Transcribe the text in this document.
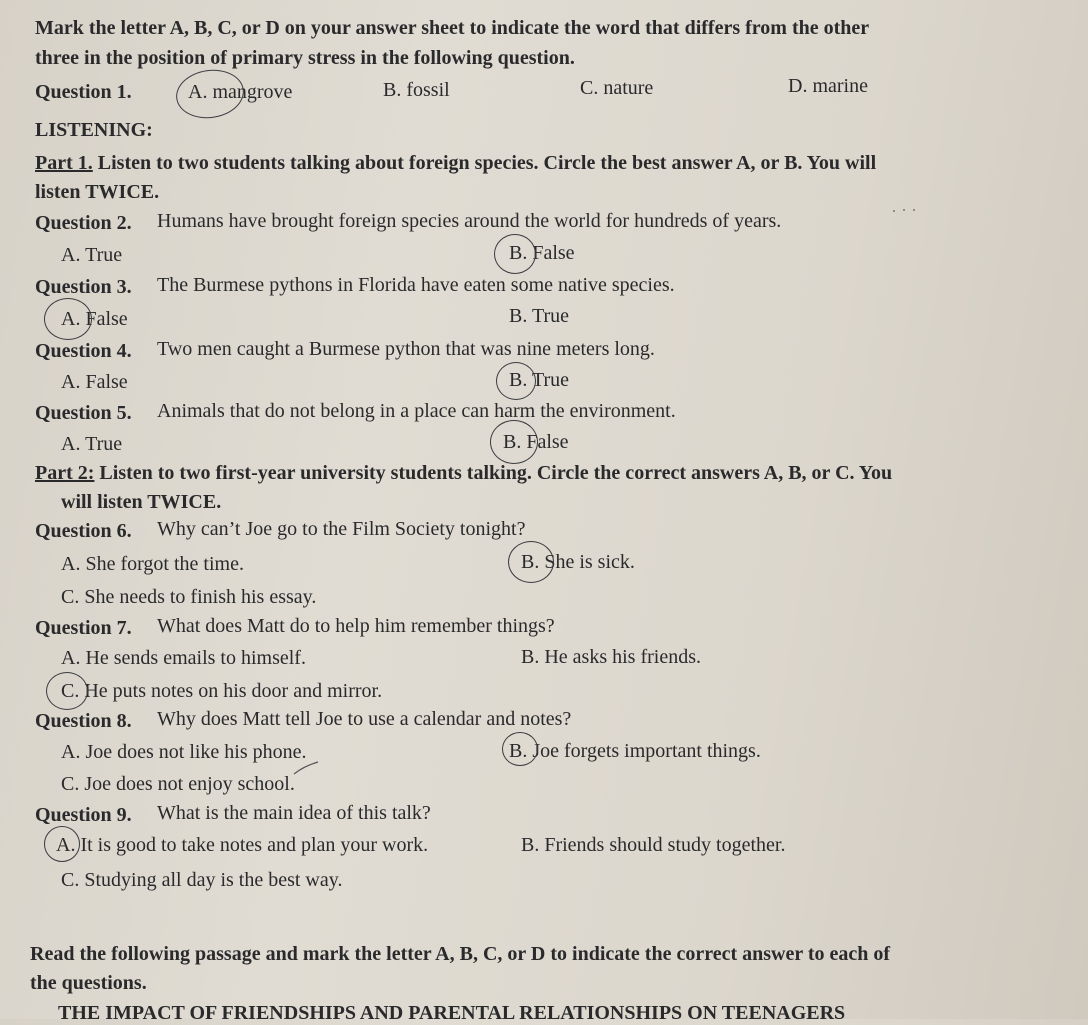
Mark the letter A, B, C, or D on your answer sheet to indicate the word that differs from the other
three in the position of primary stress in the following question.
Question 1.	A. mangrove	B. fossil	C. nature	D. marine
LISTENING:
Part 1. Listen to two students talking about foreign species. Circle the best answer A, or B. You will
listen TWICE.
Question 2. Humans have brought foreign species around the world for hundreds of years.
A. True	B. False
Question 3. The Burmese pythons in Florida have eaten some native species.
A. False	B. True
Question 4. Two men caught a Burmese python that was nine meters long.
A. False	B. True
Question 5. Animals that do not belong in a place can harm the environment.
A. True	B. False
Part 2: Listen to two first-year university students talking. Circle the correct answers A, B, or C. You
will listen TWICE.
Question 6. Why can’t Joe go to the Film Society tonight?
A. She forgot the time.	B. She is sick.
C. She needs to finish his essay.
Question 7. What does Matt do to help him remember things?
A. He sends emails to himself.	B. He asks his friends.
C. He puts notes on his door and mirror.
Question 8. Why does Matt tell Joe to use a calendar and notes?
A. Joe does not like his phone.	B. Joe forgets important things.
C. Joe does not enjoy school.
Question 9. What is the main idea of this talk?
A. It is good to take notes and plan your work.	B. Friends should study together.
C. Studying all day is the best way.
Read the following passage and mark the letter A, B, C, or D to indicate the correct answer to each of
the questions.
THE IMPACT OF FRIENDSHIPS AND PARENTAL RELATIONSHIPS ON TEENAGERS
